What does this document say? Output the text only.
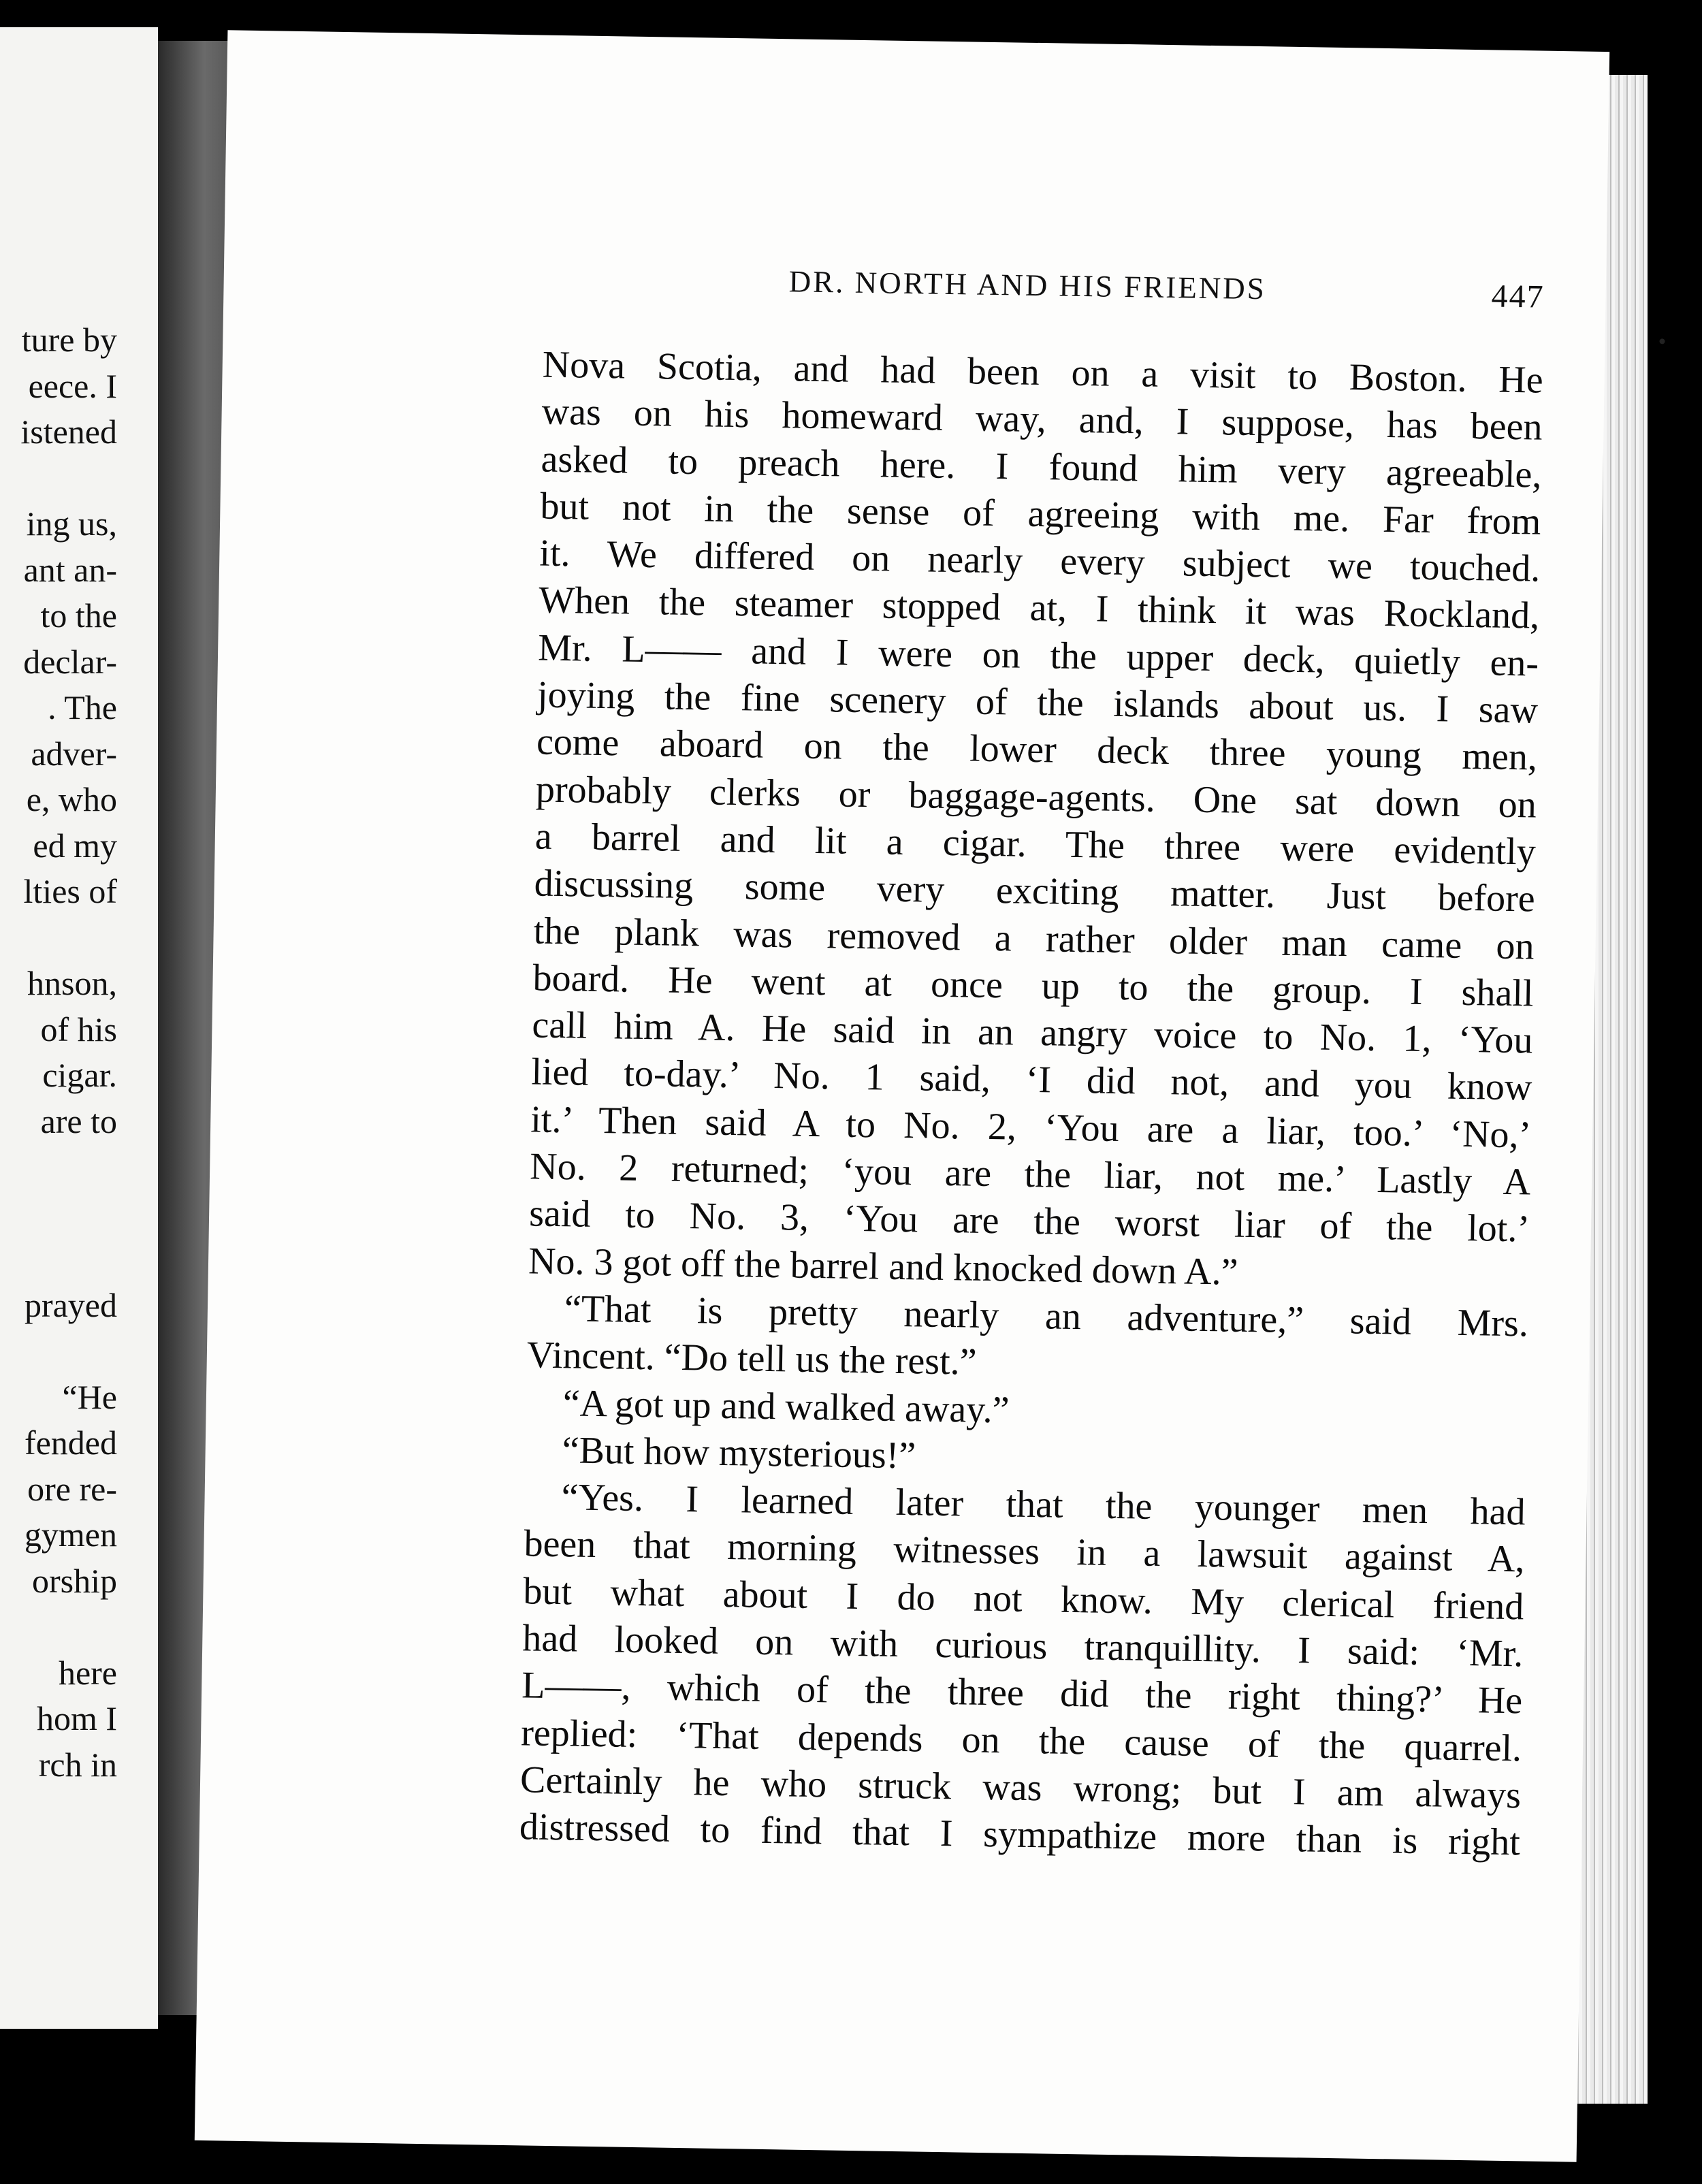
ture by
eece. I
istened
ing us,
ant an-
to the
declar-
. The
adver-
e, who
ed my
lties of
hnson,
of his
cigar.
are to
prayed
“He
fended
ore re-
gymen
orship
here
hom I
rch in
DR. NORTH AND HIS FRIENDS	447
Nova Scotia, and had been on a visit to Boston. He
was on his homeward way, and, I suppose, has been
asked to preach here. I found him very agreeable,
but not in the sense of agreeing with me. Far from
it. We differed on nearly every subject we touched.
When the steamer stopped at, I think it was Rockland,
Mr. L—— and I were on the upper deck, quietly en-
joying the fine scenery of the islands about us. I saw
come aboard on the lower deck three young men,
probably clerks or baggage-agents. One sat down on
a barrel and lit a cigar. The three were evidently
discussing some very exciting matter. Just before
the plank was removed a rather older man came on
board. He went at once up to the group. I shall
call him A. He said in an angry voice to No. 1, ‘You
lied to-day.’ No. 1 said, ‘I did not, and you know
it.’ Then said A to No. 2, ‘You are a liar, too.’ ‘No,’
No. 2 returned; ‘you are the liar, not me.’ Lastly A
said to No. 3, ‘You are the worst liar of the lot.’
No. 3 got off the barrel and knocked down A.”
“That is pretty nearly an adventure,” said Mrs.
Vincent. “Do tell us the rest.”
“A got up and walked away.”
“But how mysterious!”
“Yes. I learned later that the younger men had
been that morning witnesses in a lawsuit against A,
but what about I do not know. My clerical friend
had looked on with curious tranquillity. I said: ‘Mr.
L——, which of the three did the right thing?’ He
replied: ‘That depends on the cause of the quarrel.
Certainly he who struck was wrong; but I am always
distressed to find that I sympathize more than is right
